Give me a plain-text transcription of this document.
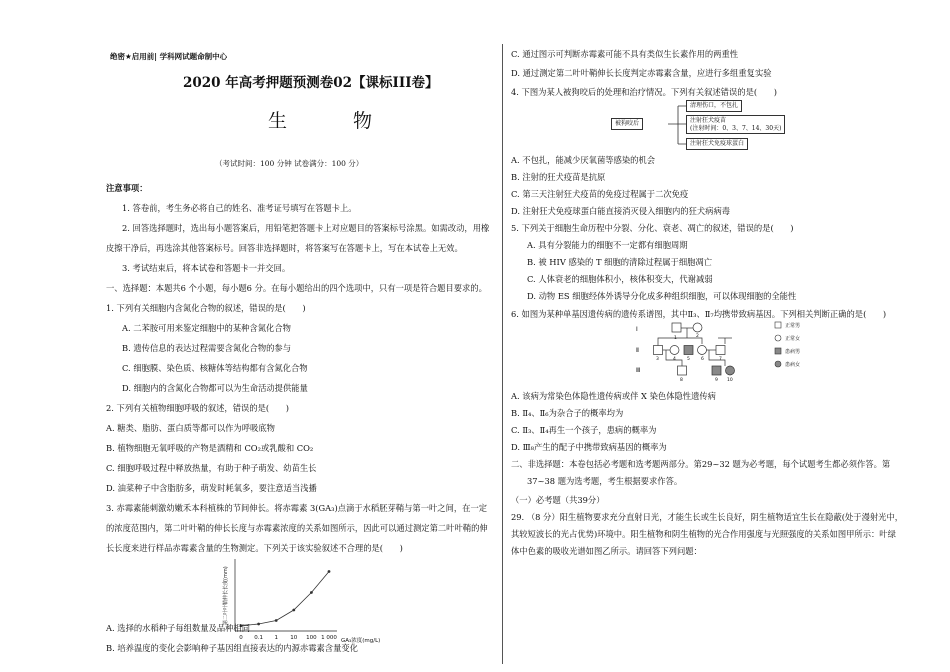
绝密★启用前| 学科网试题命制中心
2020 年高考押题预测卷02【课标III卷】
生 物
（考试时间：100 分钟 试卷满分：100 分）
注意事项：
1. 答卷前，考生务必将自己的姓名、准考证号填写在答题卡上。
2. 回答选择题时，选出每小题答案后，用铅笔把答题卡上对应题目的答案标号涂黑。如需改动，用橡
皮擦干净后，再选涂其他答案标号。回答非选择题时，将答案写在答题卡上，写在本试卷上无效。
3. 考试结束后，将本试卷和答题卡一并交回。
一、选择题：本题共6 个小题，每小题6 分。在每小题给出的四个选项中，只有一项是符合题目要求的。
1. 下列有关细胞内含氮化合物的叙述，错误的是(　　)
A. 二苯胺可用来鉴定细胞中的某种含氮化合物
B. 遗传信息的表达过程需要含氮化合物的参与
C. 细胞膜、染色质、核糖体等结构都有含氮化合物
D. 细胞内的含氮化合物都可以为生命活动提供能量
2. 下列有关植物细胞呼吸的叙述，错误的是(　　)
A. 糖类、脂肪、蛋白质等都可以作为呼吸底物
B. 植物细胞无氧呼吸的产物是酒精和 CO₂或乳酸和 CO₂
C. 细胞呼吸过程中释放热量，有助于种子萌发、幼苗生长
D. 油菜种子中含脂肪多，萌发时耗氧多，要注意适当浅播
3. 赤霉素能刺激幼嫩禾本科植株的节间伸长。将赤霉素 3(GA₃)点滴于水稻胚芽鞘与第一叶之间，在一定
的浓度范围内，第二叶叶鞘的伸长长度与赤霉素浓度的关系如图所示，因此可以通过测定第二叶叶鞘的伸
长长度来进行样品赤霉素含量的生物测定。下列关于该实验叙述不合理的是(　　)
0 0.1 1 10 100 1 000
第二叶叶鞘伸长长度(mm)
GA₃浓度(mg/L)
A. 选择的水稻种子每组数量及品种相同
B. 培养温度的变化会影响种子基因组直接表达的内源赤霉素含量变化
C. 通过图示可判断赤霉素可能不具有类似生长素作用的两重性
D. 通过测定第二叶叶鞘伸长长度判定赤霉素含量，应进行多组重复实验
4. 下图为某人被狗咬后的处理和治疗情况。下列有关叙述错误的是(　　)
被狗咬后
清理伤口，不包扎
注射狂犬疫苗
(注射时间：0、3、7、14、30天)
注射狂犬免疫球蛋白
A. 不包扎，能减少厌氧菌等感染的机会
B. 注射的狂犬疫苗是抗原
C. 第三天注射狂犬疫苗的免疫过程属于二次免疫
D. 注射狂犬免疫球蛋白能直接消灭侵入细胞内的狂犬病病毒
5. 下列关于细胞生命历程中分裂、分化、衰老、凋亡的叙述，错误的是(　　)
A. 具有分裂能力的细胞不一定都有细胞周期
B. 被 HIV 感染的 T 细胞的清除过程属于细胞凋亡
C. 人体衰老的细胞体积小，核体积变大，代谢减弱
D. 动物 ES 细胞经体外诱导分化成多种组织细胞，可以体现细胞的全能性
6. 如图为某种单基因遗传病的遗传系谱图，其中Ⅱ₃、Ⅱ₇均携带致病基因。下列相关判断正确的是(　　)
Ⅰ
Ⅱ
Ⅲ
1	2
3	4 5 6	7
8	9 10
正常男
正常女
患病男
患病女
A. 该病为常染色体隐性遗传病或伴 X 染色体隐性遗传病
B. Ⅱ₄、Ⅱ₆为杂合子的概率均为
C. Ⅱ₃、Ⅱ₄再生一个孩子，患病的概率为
D. Ⅲ₈产生的配子中携带致病基因的概率为
二、非选择题：本卷包括必考题和选考题两部分。第29~32 题为必考题，每个试题考生都必须作答。第
37~38 题为选考题，考生根据要求作答。
（一）必考题（共39分）
29. （8 分）阳生植物要求充分直射日光，才能生长或生长良好，阴生植物适宜生长在隐蔽(处于漫射光中，
其较短波长的光占优势)环境中。阳生植物和阴生植物的光合作用强度与光照强度的关系如图甲所示：叶绿
体中色素的吸收光谱如图乙所示。请回答下列问题：
